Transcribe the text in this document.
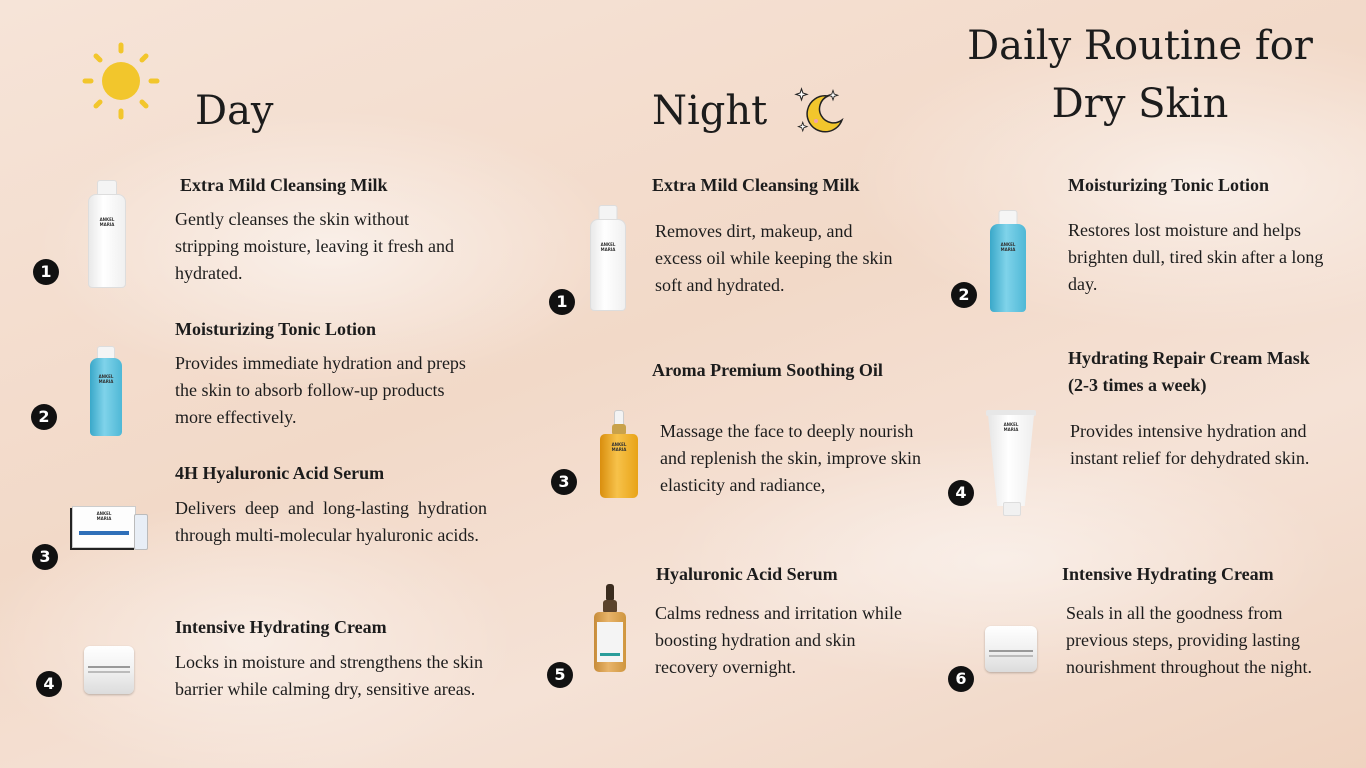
Daily Routine for
Dry Skin
Day	Night
1
ANKEL
MARIA
Extra Mild Cleansing Milk
Gently cleanses the skin without stripping moisture, leaving it fresh and hydrated.
2
ANKEL
MARIA
Moisturizing Tonic Lotion
Provides immediate hydration and preps the skin to absorb follow-up products more effectively.
3
ANKEL
MARIA
4H Hyaluronic Acid Serum
Delivers deep and long-lasting hydration through multi-molecular hyaluronic acids.
4
Intensive Hydrating Cream
Locks in moisture and strengthens the skin barrier while calming dry, sensitive areas.
1
ANKEL
MARIA
Extra Mild Cleansing Milk
Removes dirt, makeup, and excess oil while keeping the skin soft and hydrated.
3
ANKEL
MARIA
Aroma Premium Soothing Oil
Massage the face to deeply nourish and replenish the skin, improve skin elasticity and radiance,
5
Hyaluronic Acid Serum
Calms redness and irritation while boosting hydration and skin recovery overnight.
2
ANKEL
MARIA
Moisturizing Tonic Lotion
Restores lost moisture and helps brighten dull, tired skin after a long day.
4
ANKEL
MARIA
Hydrating Repair Cream Mask
(2-3 times a week)
Provides intensive hydration and instant relief for dehydrated skin.
6
Intensive Hydrating Cream
Seals in all the goodness from previous steps, providing lasting nourishment throughout the night.
